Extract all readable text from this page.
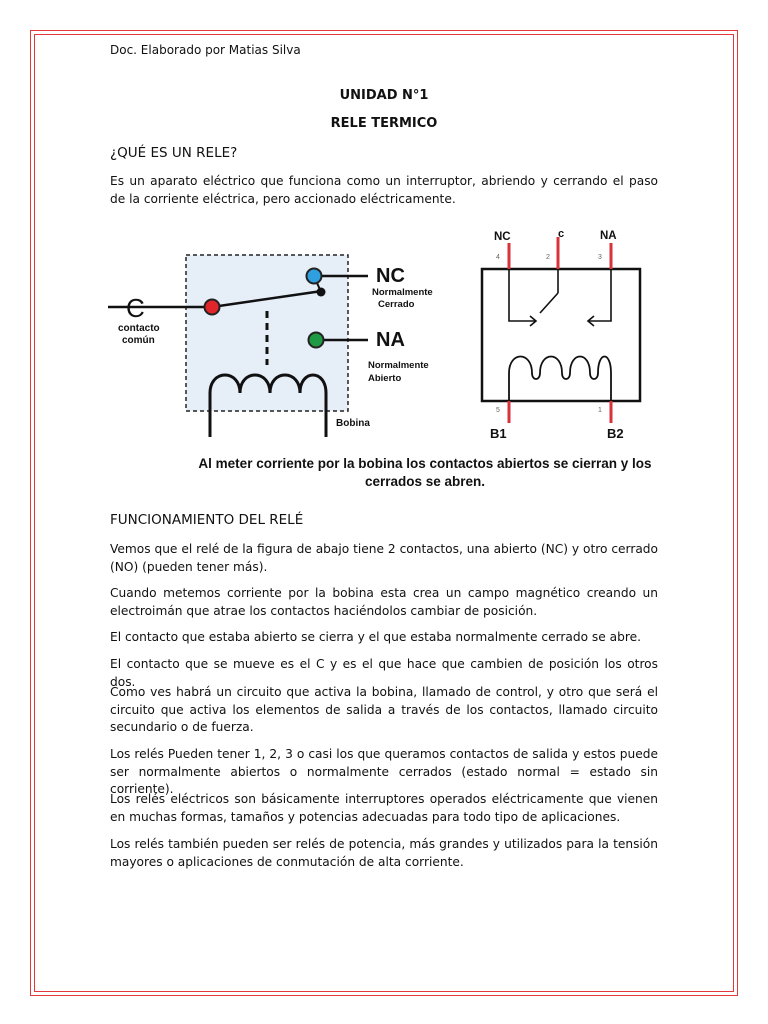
Doc. Elaborado por Matias Silva
UNIDAD N°1
RELE TERMICO
¿QUÉ ES UN RELE?
Es un aparato eléctrico que funciona como un interruptor, abriendo y cerrando el paso de la corriente eléctrica, pero accionado eléctricamente.
C
contacto
común
NC
Normalmente
Cerrado
NA
Normalmente
Abierto
Bobina
NC	c	NA
4	2	3
5	1
B1	B2
Al meter corriente por la bobina los contactos abiertos se cierran y los cerrados se abren.
FUNCIONAMIENTO DEL RELÉ
Vemos que el relé de la figura de abajo tiene 2 contactos, una abierto (NC) y otro cerrado (NO) (pueden tener más).
Cuando metemos corriente por la bobina esta crea un campo magnético creando un electroimán que atrae los contactos haciéndolos cambiar de posición.
El contacto que estaba abierto se cierra y el que estaba normalmente cerrado se abre.
El contacto que se mueve es el C y es el que hace que cambien de posición los otros dos.
Como ves habrá un circuito que activa la bobina, llamado de control, y otro que será el circuito que activa los elementos de salida a través de los contactos, llamado circuito secundario o de fuerza.
Los relés Pueden tener 1, 2, 3 o casi los que queramos contactos de salida y estos puede ser normalmente abiertos o normalmente cerrados (estado normal = estado sin corriente).
Los relés eléctricos son básicamente interruptores operados eléctricamente que vienen en muchas formas, tamaños y potencias adecuadas para todo tipo de aplicaciones.
Los relés también pueden ser relés de potencia, más grandes y utilizados para la tensión mayores o aplicaciones de conmutación de alta corriente.
